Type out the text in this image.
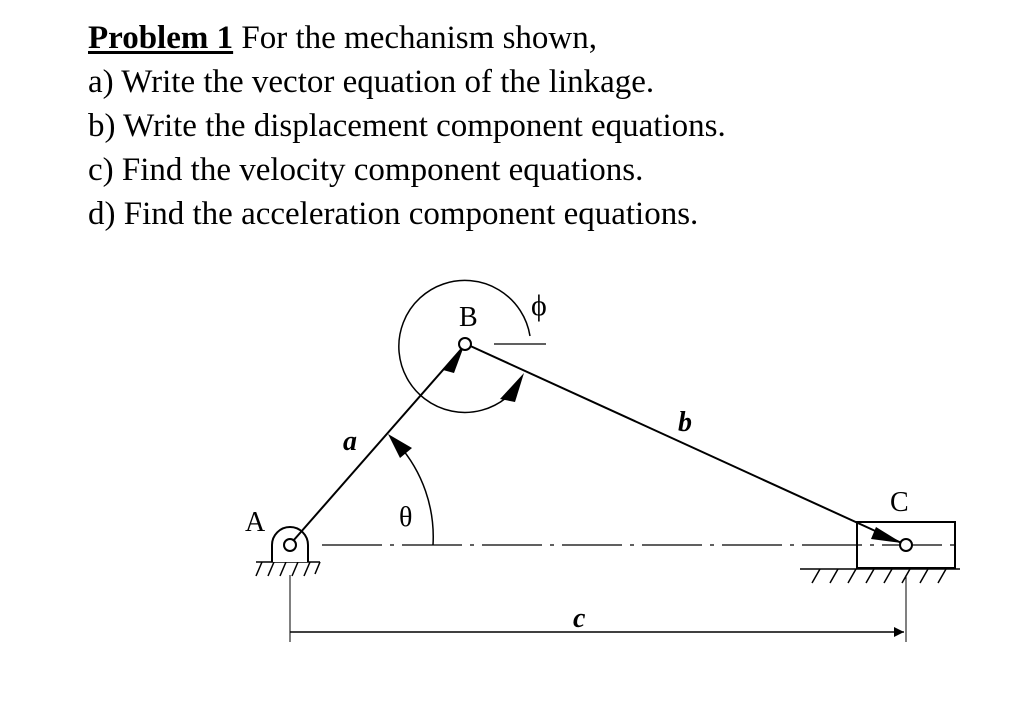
Problem 1 For the mechanism shown,
a) Write the vector equation of the linkage.
b) Write the displacement component equations.
c) Find the velocity component equations.
d) Find the acceleration component equations.
A
B
C
a
b
c
θ
ϕ
